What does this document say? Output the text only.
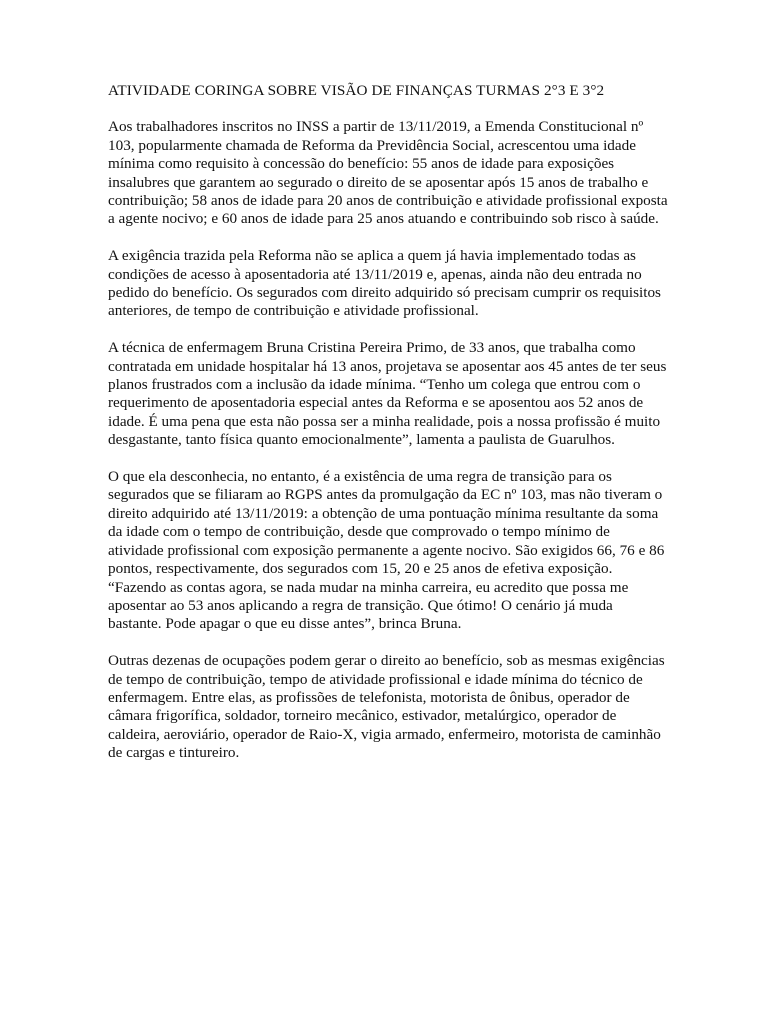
ATIVIDADE CORINGA SOBRE VISÃO DE FINANÇAS TURMAS 2°3 E 3°2

Aos trabalhadores inscritos no INSS a partir de 13/11/2019, a Emenda Constitucional nº 103, popularmente chamada de Reforma da Previdência Social, acrescentou uma idade mínima como requisito à concessão do benefício: 55 anos de idade para exposições insalubres que garantem ao segurado o direito de se aposentar após 15 anos de trabalho e contribuição; 58 anos de idade para 20 anos de contribuição e atividade profissional exposta a agente nocivo; e 60 anos de idade para 25 anos atuando e contribuindo sob risco à saúde.

A exigência trazida pela Reforma não se aplica a quem já havia implementado todas as condições de acesso à aposentadoria até 13/11/2019 e, apenas, ainda não deu entrada no pedido do benefício. Os segurados com direito adquirido só precisam cumprir os requisitos anteriores, de tempo de contribuição e atividade profissional.

A técnica de enfermagem Bruna Cristina Pereira Primo, de 33 anos, que trabalha como contratada em unidade hospitalar há 13 anos, projetava se aposentar aos 45 antes de ter seus planos frustrados com a inclusão da idade mínima. “Tenho um colega que entrou com o requerimento de aposentadoria especial antes da Reforma e se aposentou aos 52 anos de idade. É uma pena que esta não possa ser a minha realidade, pois a nossa profissão é muito desgastante, tanto física quanto emocionalmente”, lamenta a paulista de Guarulhos.

O que ela desconhecia, no entanto, é a existência de uma regra de transição para os segurados que se filiaram ao RGPS antes da promulgação da EC nº 103, mas não tiveram o direito adquirido até 13/11/2019: a obtenção de uma pontuação mínima resultante da soma da idade com o tempo de contribuição, desde que comprovado o tempo mínimo de atividade profissional com exposição permanente a agente nocivo. São exigidos 66, 76 e 86 pontos, respectivamente, dos segurados com 15, 20 e 25 anos de efetiva exposição. “Fazendo as contas agora, se nada mudar na minha carreira, eu acredito que possa me aposentar ao 53 anos aplicando a regra de transição. Que ótimo! O cenário já muda bastante. Pode apagar o que eu disse antes”, brinca Bruna.

Outras dezenas de ocupações podem gerar o direito ao benefício, sob as mesmas exigências de tempo de contribuição, tempo de atividade profissional e idade mínima do técnico de enfermagem. Entre elas, as profissões de telefonista, motorista de ônibus, operador de câmara frigorífica, soldador, torneiro mecânico, estivador, metalúrgico, operador de caldeira, aeroviário, operador de Raio-X, vigia armado, enfermeiro, motorista de caminhão de cargas e tintureiro.
